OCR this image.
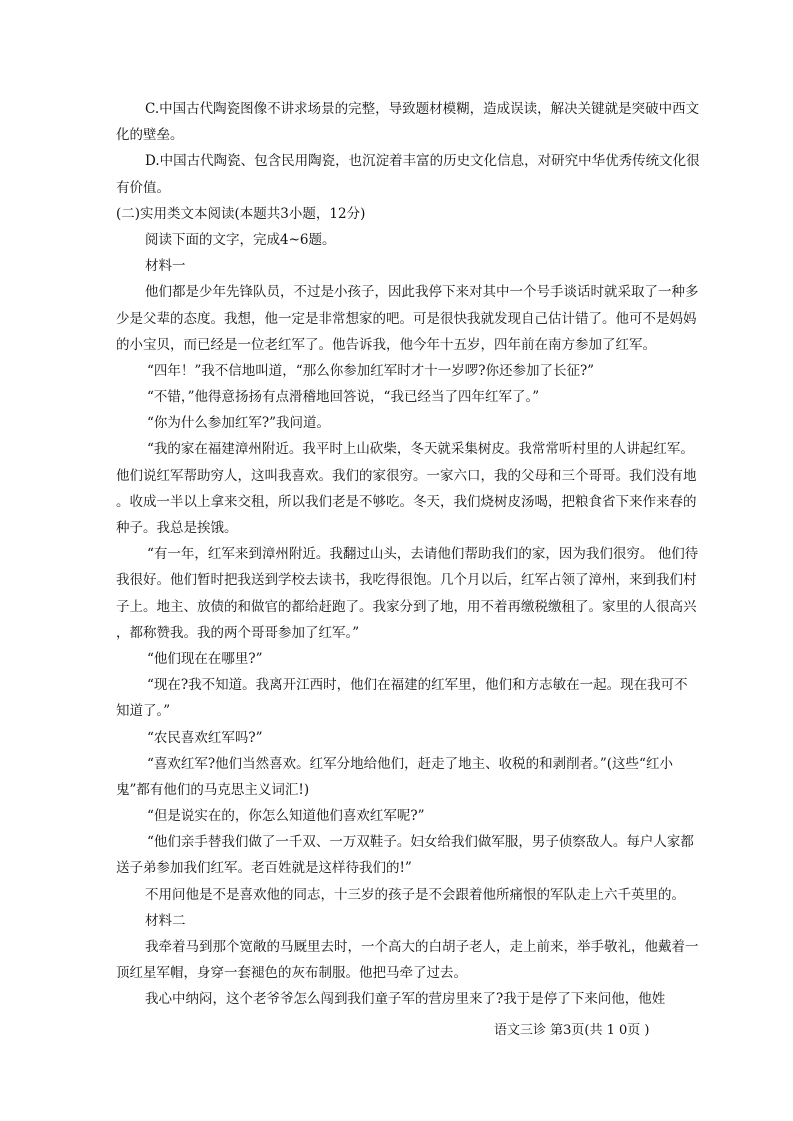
C.中国古代陶瓷图像不讲求场景的完整，导致题材模糊，造成误读，解决关键就是突破中西文
化的壁垒。
D.中国古代陶瓷、包含民用陶瓷，也沉淀着丰富的历史文化信息，对研究中华优秀传统文化很
有价值。
(二)实用类文本阅读(本题共3小题，12分)
阅读下面的文字，完成4~6题。
材料一
他们都是少年先锋队员，不过是小孩子，因此我停下来对其中一个号手谈话时就采取了一种多
少是父辈的态度。我想，他一定是非常想家的吧。可是很快我就发现自己估计错了。他可不是妈妈
的小宝贝，而已经是一位老红军了。他告诉我，他今年十五岁，四年前在南方参加了红军。
“四年！”我不信地叫道，“那么你参加红军时才十一岁啰?你还参加了长征?”
“不错，”他得意扬扬有点滑稽地回答说，“我已经当了四年红军了。”
“你为什么参加红军?”我问道。
“我的家在福建漳州附近。我平时上山砍柴，冬天就采集树皮。我常常听村里的人讲起红军。
他们说红军帮助穷人，这叫我喜欢。我们的家很穷。一家六口，我的父母和三个哥哥。我们没有地
。收成一半以上拿来交租，所以我们老是不够吃。冬天，我们烧树皮汤喝，把粮食省下来作来春的
种子。我总是挨饿。
“有一年，红军来到漳州附近。我翻过山头，去请他们帮助我们的家，因为我们很穷。 他们待
我很好。他们暂时把我送到学校去读书，我吃得很饱。几个月以后，红军占领了漳州，来到我们村
子上。地主、放债的和做官的都给赶跑了。我家分到了地，用不着再缴税缴租了。家里的人很高兴
，都称赞我。我的两个哥哥参加了红军。”
“他们现在在哪里?”
“现在?我不知道。我离开江西时，他们在福建的红军里，他们和方志敏在一起。现在我可不
知道了。”
“农民喜欢红军吗?”
“喜欢红军?他们当然喜欢。红军分地给他们，赶走了地主、收税的和剥削者。”(这些“红小
鬼”都有他们的马克思主义词汇!)
“但是说实在的，你怎么知道他们喜欢红军呢?”
“他们亲手替我们做了一千双、一万双鞋子。妇女给我们做军服，男子侦察敌人。每户人家都
送子弟参加我们红军。老百姓就是这样待我们的!”
不用问他是不是喜欢他的同志，十三岁的孩子是不会跟着他所痛恨的军队走上六千英里的。
材料二
我牵着马到那个宽敞的马厩里去时，一个高大的白胡子老人，走上前来，举手敬礼，他戴着一
顶红星军帽，身穿一套褪色的灰布制服。他把马牵了过去。
我心中纳闷，这个老爷爷怎么闯到我们童子军的营房里来了?我于是停了下来问他，他姓
语文三诊 第3页(共 1 0页 )
